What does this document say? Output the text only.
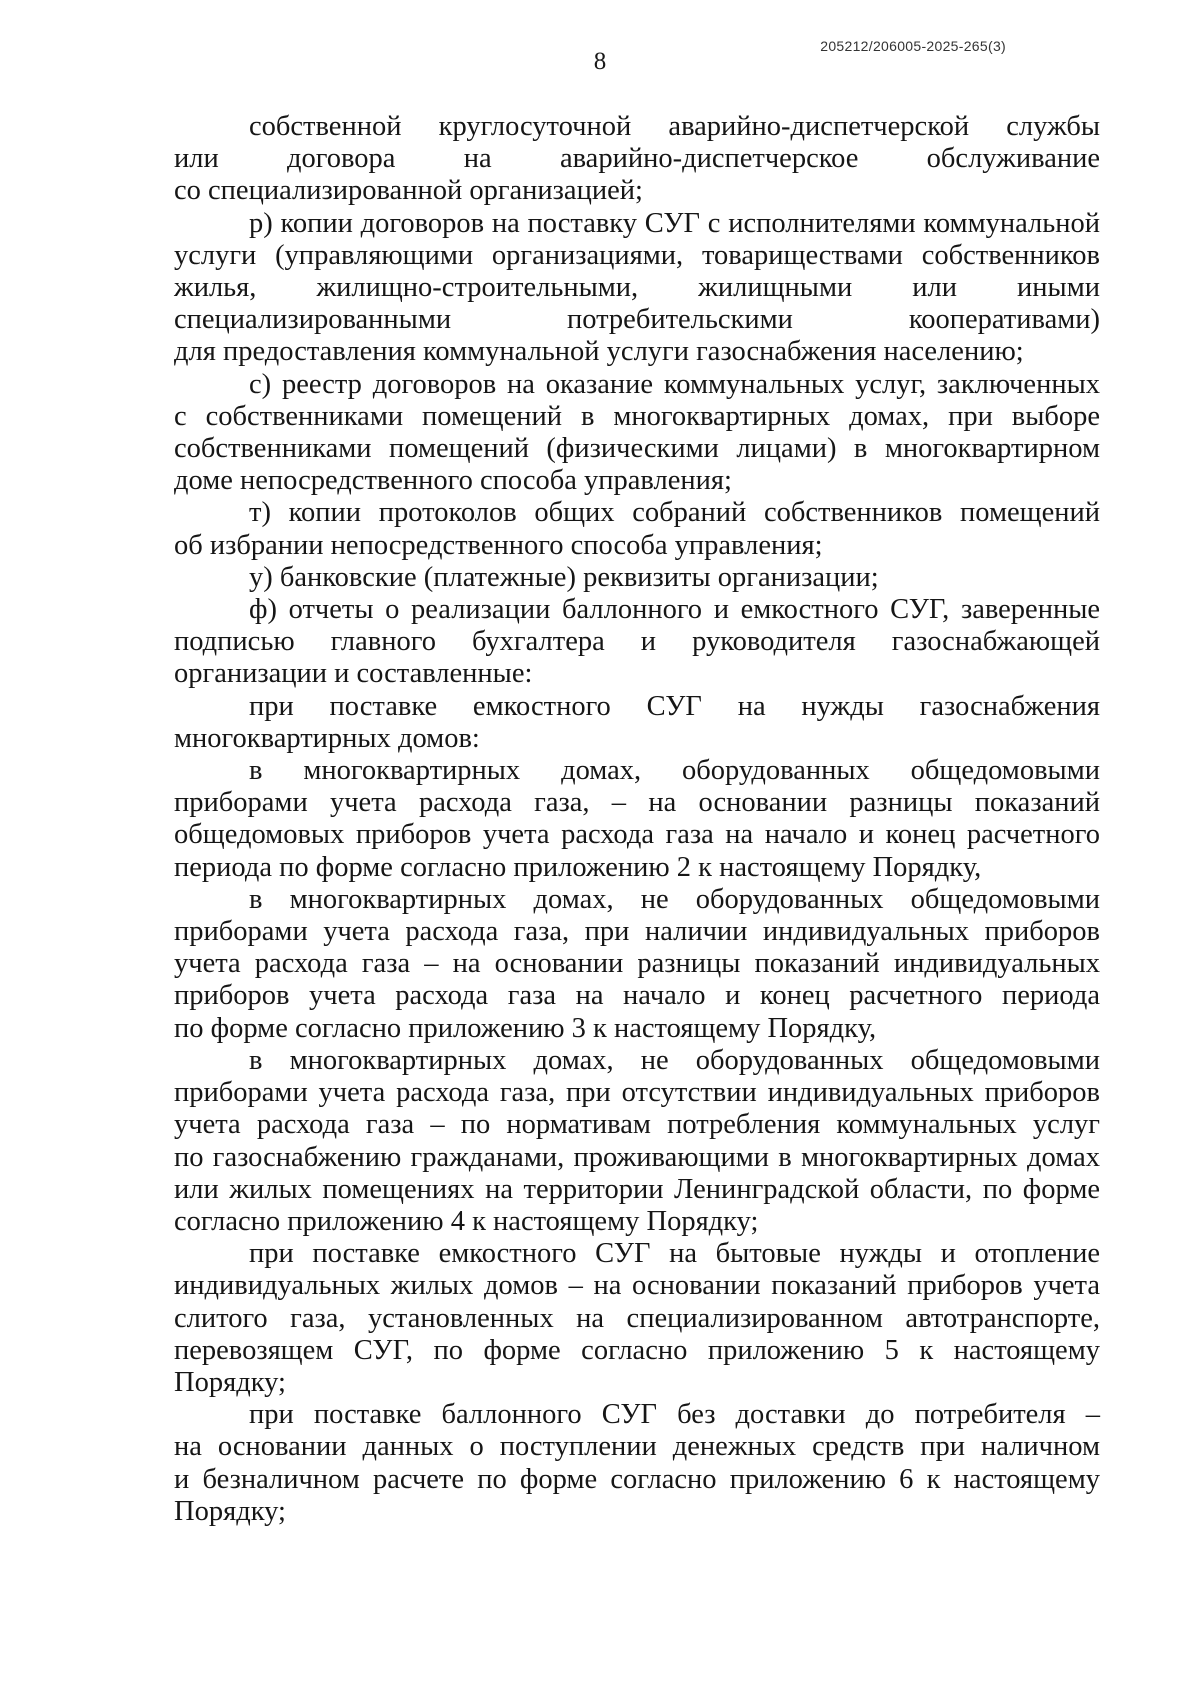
8
205212/206005-2025-265(3)
собственной круглосуточной аварийно-диспетчерской службы
или договора на аварийно-диспетчерское обслуживание
со специализированной организацией;
р) копии договоров на поставку СУГ с исполнителями коммунальной
услуги (управляющими организациями, товариществами собственников
жилья, жилищно-строительными, жилищными или иными
специализированными потребительскими кооперативами)
для предоставления коммунальной услуги газоснабжения населению;
с) реестр договоров на оказание коммунальных услуг, заключенных
с собственниками помещений в многоквартирных домах, при выборе
собственниками помещений (физическими лицами) в многоквартирном
доме непосредственного способа управления;
т) копии протоколов общих собраний собственников помещений
об избрании непосредственного способа управления;
у) банковские (платежные) реквизиты организации;
ф) отчеты о реализации баллонного и емкостного СУГ, заверенные
подписью главного бухгалтера и руководителя газоснабжающей
организации и составленные:
при поставке емкостного СУГ на нужды газоснабжения
многоквартирных домов:
в многоквартирных домах, оборудованных общедомовыми
приборами учета расхода газа, – на основании разницы показаний
общедомовых приборов учета расхода газа на начало и конец расчетного
периода по форме согласно приложению 2 к настоящему Порядку,
в многоквартирных домах, не оборудованных общедомовыми
приборами учета расхода газа, при наличии индивидуальных приборов
учета расхода газа – на основании разницы показаний индивидуальных
приборов учета расхода газа на начало и конец расчетного периода
по форме согласно приложению 3 к настоящему Порядку,
в многоквартирных домах, не оборудованных общедомовыми
приборами учета расхода газа, при отсутствии индивидуальных приборов
учета расхода газа – по нормативам потребления коммунальных услуг
по газоснабжению гражданами, проживающими в многоквартирных домах
или жилых помещениях на территории Ленинградской области, по форме
согласно приложению 4 к настоящему Порядку;
при поставке емкостного СУГ на бытовые нужды и отопление
индивидуальных жилых домов – на основании показаний приборов учета
слитого газа, установленных на специализированном автотранспорте,
перевозящем СУГ, по форме согласно приложению 5 к настоящему
Порядку;
при поставке баллонного СУГ без доставки до потребителя –
на основании данных о поступлении денежных средств при наличном
и безналичном расчете по форме согласно приложению 6 к настоящему
Порядку;
